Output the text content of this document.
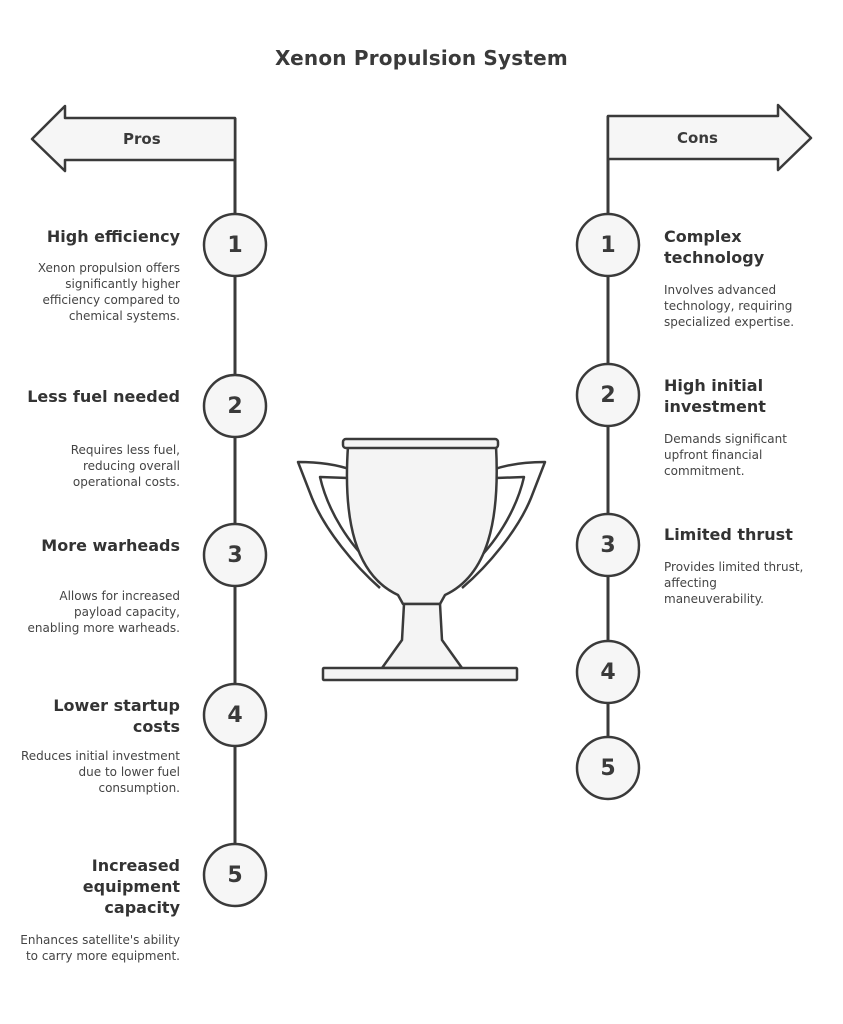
Xenon Propulsion System
Pros	Cons
High efficiency
Xenon propulsion offers significantly higher efficiency compared to chemical systems.
Less fuel needed
Requires less fuel, reducing overall operational costs.
More warheads
Allows for increased payload capacity, enabling more warheads.
Lower startup costs
Reduces initial investment due to lower fuel consumption.
Increased equipment capacity
Enhances satellite's ability to carry more equipment.
Complex technology
Involves advanced technology, requiring specialized expertise.
High initial investment
Demands significant upfront financial commitment.
Limited thrust
Provides limited thrust, affecting maneuverability.
1
2
3
4
5
1
2
3
4
5
